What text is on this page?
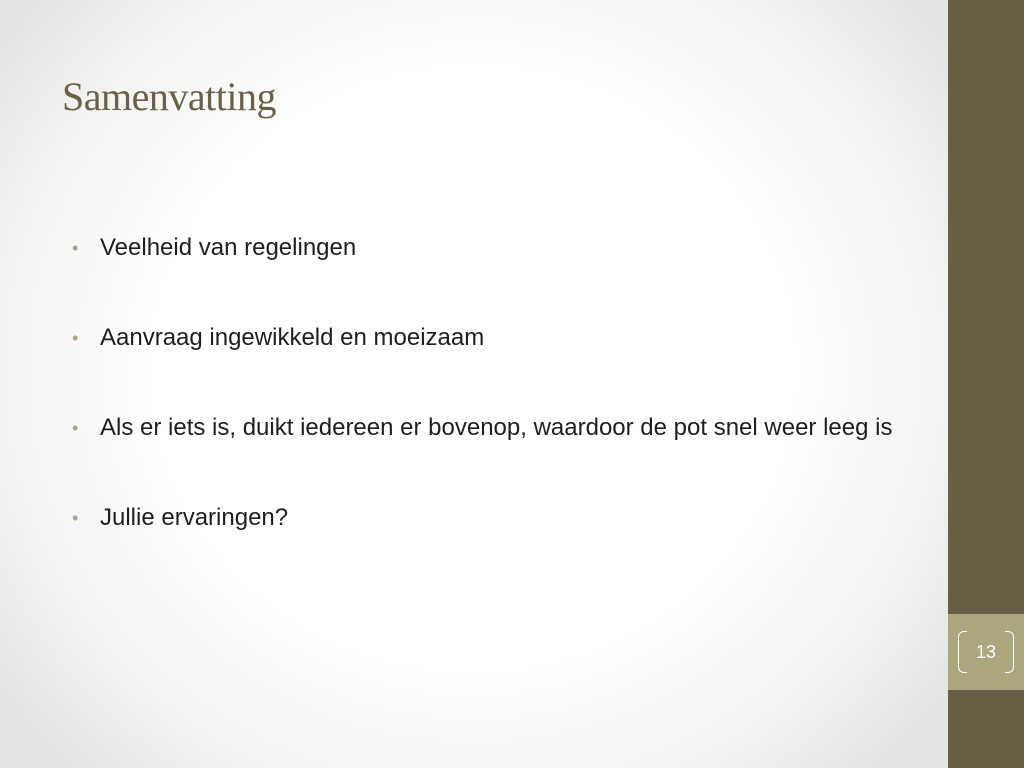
Samenvatting
• Veelheid van regelingen
• Aanvraag ingewikkeld en moeizaam
• Als er iets is, duikt iedereen er bovenop, waardoor de pot snel weer leeg is
• Jullie ervaringen?
13
